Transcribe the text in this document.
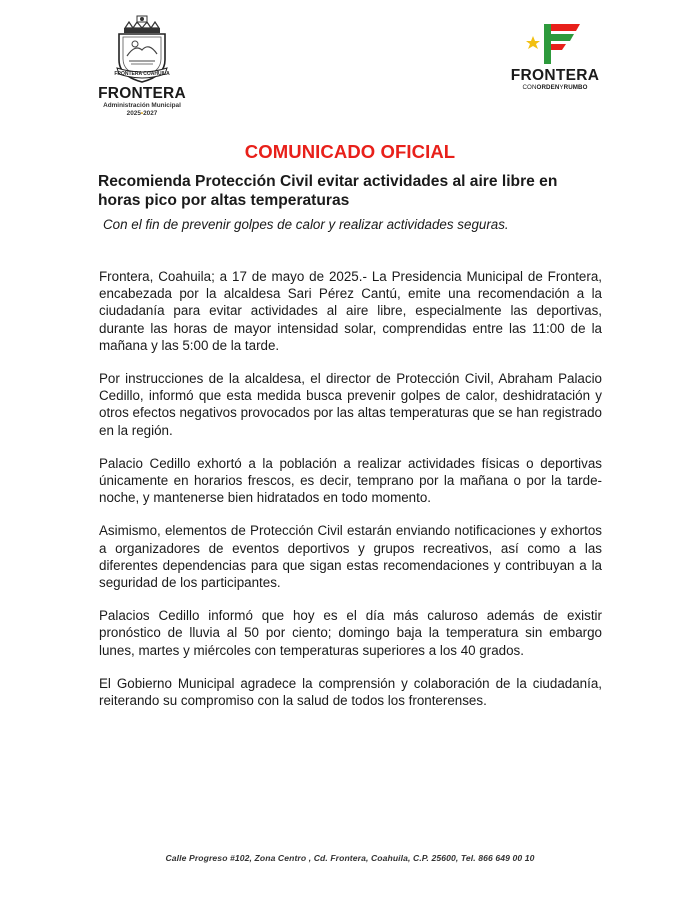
FRONTERA COAHUILA
FRONTERA
Administración Municipal
2025•2027
FRONTERA
CONORDENYRUMBO
COMUNICADO OFICIAL
Recomienda Protección Civil evitar actividades al aire libre en horas pico por altas temperaturas
Con el fin de prevenir golpes de calor y realizar actividades seguras.

Frontera, Coahuila; a 17 de mayo de 2025.- La Presidencia Municipal de Frontera, encabezada por la alcaldesa Sari Pérez Cantú, emite una recomendación a la ciudadanía para evitar actividades al aire libre, especialmente las deportivas, durante las horas de mayor intensidad solar, comprendidas entre las 11:00 de la mañana y las 5:00 de la tarde.

Por instrucciones de la alcaldesa, el director de Protección Civil, Abraham Palacio Cedillo, informó que esta medida busca prevenir golpes de calor, deshidratación y otros efectos negativos provocados por las altas temperaturas que se han registrado en la región.

Palacio Cedillo exhortó a la población a realizar actividades físicas o deportivas únicamente en horarios frescos, es decir, temprano por la mañana o por la tarde-noche, y mantenerse bien hidratados en todo momento.

Asimismo, elementos de Protección Civil estarán enviando notificaciones y exhortos a organizadores de eventos deportivos y grupos recreativos, así como a las diferentes dependencias para que sigan estas recomendaciones y contribuyan a la seguridad de los participantes.

Palacios Cedillo informó que hoy es el día más caluroso además de existir pronóstico de lluvia al 50 por ciento; domingo baja la temperatura sin embargo lunes, martes y miércoles con temperaturas superiores a los 40 grados.

El Gobierno Municipal agradece la comprensión y colaboración de la ciudadanía, reiterando su compromiso con la salud de todos los fronterenses.

Calle Progreso #102, Zona Centro , Cd. Frontera, Coahuila, C.P. 25600, Tel. 866 649 00 10
